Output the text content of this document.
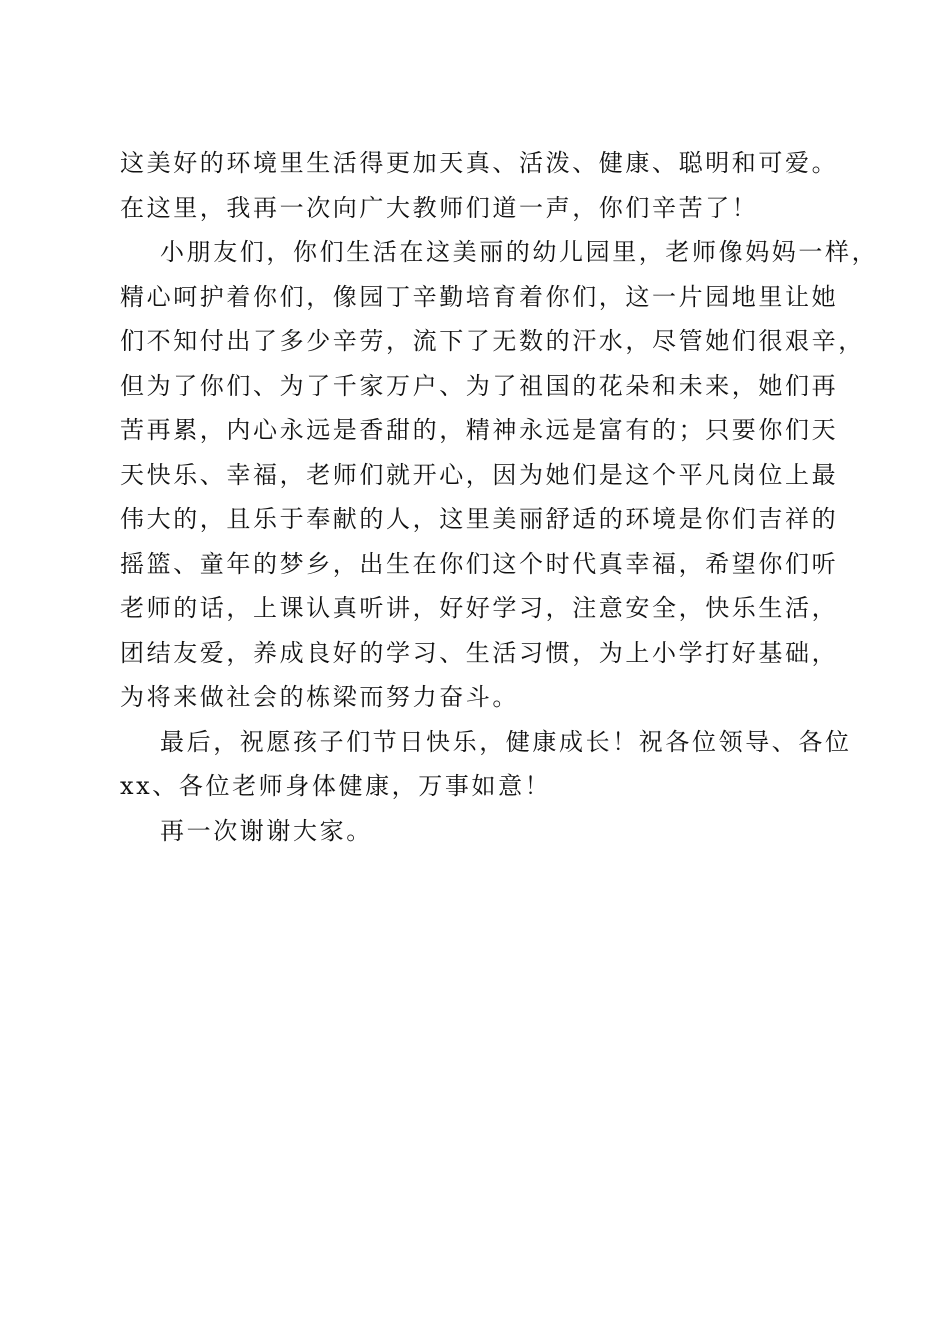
这美好的环境里生活得更加天真、活泼、健康、聪明和可爱。
在这里，我再一次向广大教师们道一声，你们辛苦了！
小朋友们，你们生活在这美丽的幼儿园里，老师像妈妈一样，
精心呵护着你们，像园丁辛勤培育着你们，这一片园地里让她
们不知付出了多少辛劳，流下了无数的汗水，尽管她们很艰辛，
但为了你们、为了千家万户、为了祖国的花朵和未来，她们再
苦再累，内心永远是香甜的，精神永远是富有的；只要你们天
天快乐、幸福，老师们就开心，因为她们是这个平凡岗位上最
伟大的，且乐于奉献的人，这里美丽舒适的环境是你们吉祥的
摇篮、童年的梦乡，出生在你们这个时代真幸福，希望你们听
老师的话，上课认真听讲，好好学习，注意安全，快乐生活，
团结友爱，养成良好的学习、生活习惯，为上小学打好基础，
为将来做社会的栋梁而努力奋斗。
最后，祝愿孩子们节日快乐，健康成长！祝各位领导、各位
xx、各位老师身体健康，万事如意！
再一次谢谢大家。
